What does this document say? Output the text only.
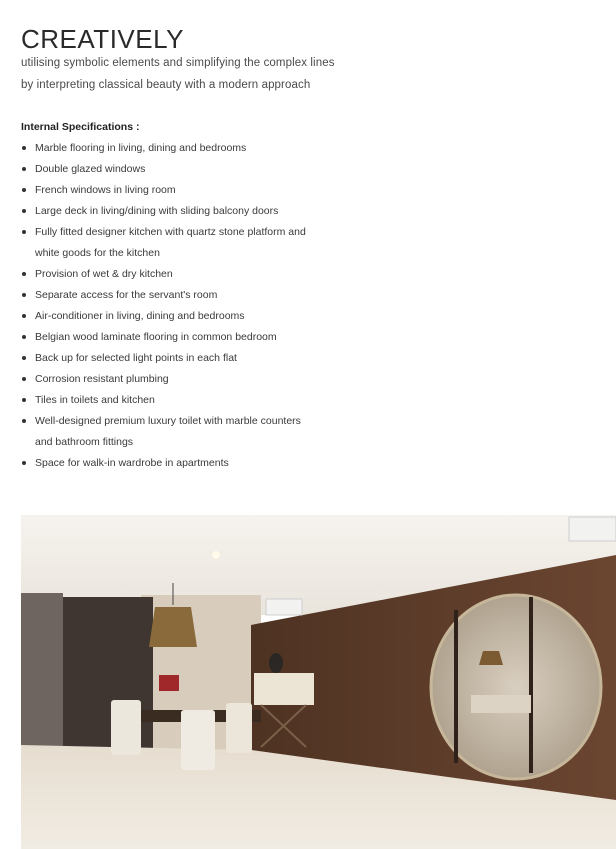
CREATIVELY
utilising symbolic elements and simplifying the complex lines
by interpreting classical beauty with a modern approach
Internal Specifications :
Marble flooring in living, dining and bedrooms
Double glazed windows
French windows in living room
Large deck in living/dining with sliding balcony doors
Fully fitted designer kitchen with quartz stone platform and
white goods for the kitchen
Provision of wet & dry kitchen
Separate access for the servant's room
Air-conditioner in living, dining and bedrooms
Belgian wood laminate flooring in common bedroom
Back up for selected light points in each flat
Corrosion resistant plumbing
Tiles in toilets and kitchen
Well-designed premium luxury toilet with marble counters
and bathroom fittings
Space for walk-in wardrobe in apartments
